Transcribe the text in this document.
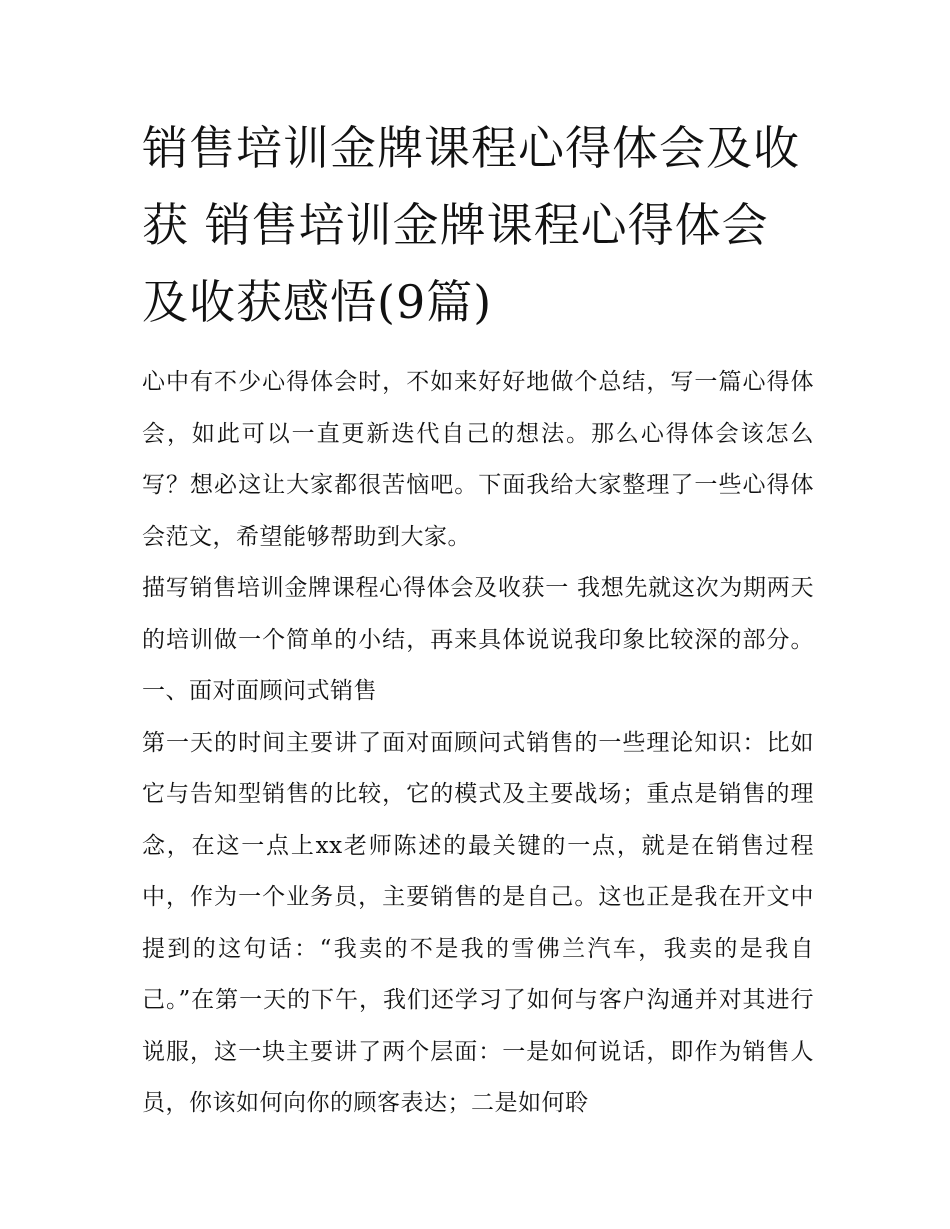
销售培训金牌课程心得体会及收获 销售培训金牌课程心得体会及收获感悟(9篇)

心中有不少心得体会时，不如来好好地做个总结，写一篇心得体会，如此可以一直更新迭代自己的想法。那么心得体会该怎么写？想必这让大家都很苦恼吧。下面我给大家整理了一些心得体会范文，希望能够帮助到大家。

描写销售培训金牌课程心得体会及收获一 我想先就这次为期两天的培训做一个简单的小结，再来具体说说我印象比较深的部分。 一、面对面顾问式销售

第一天的时间主要讲了面对面顾问式销售的一些理论知识：比如它与告知型销售的比较，它的模式及主要战场；重点是销售的理念，在这一点上xx老师陈述的最关键的一点，就是在销售过程中，作为一个业务员，主要销售的是自己。这也正是我在开文中提到的这句话：“我卖的不是我的雪佛兰汽车，我卖的是我自己。”在第一天的下午，我们还学习了如何与客户沟通并对其进行说服，这一块主要讲了两个层面：一是如何说话，即作为销售人员，你该如何向你的顾客表达；二是如何聆
